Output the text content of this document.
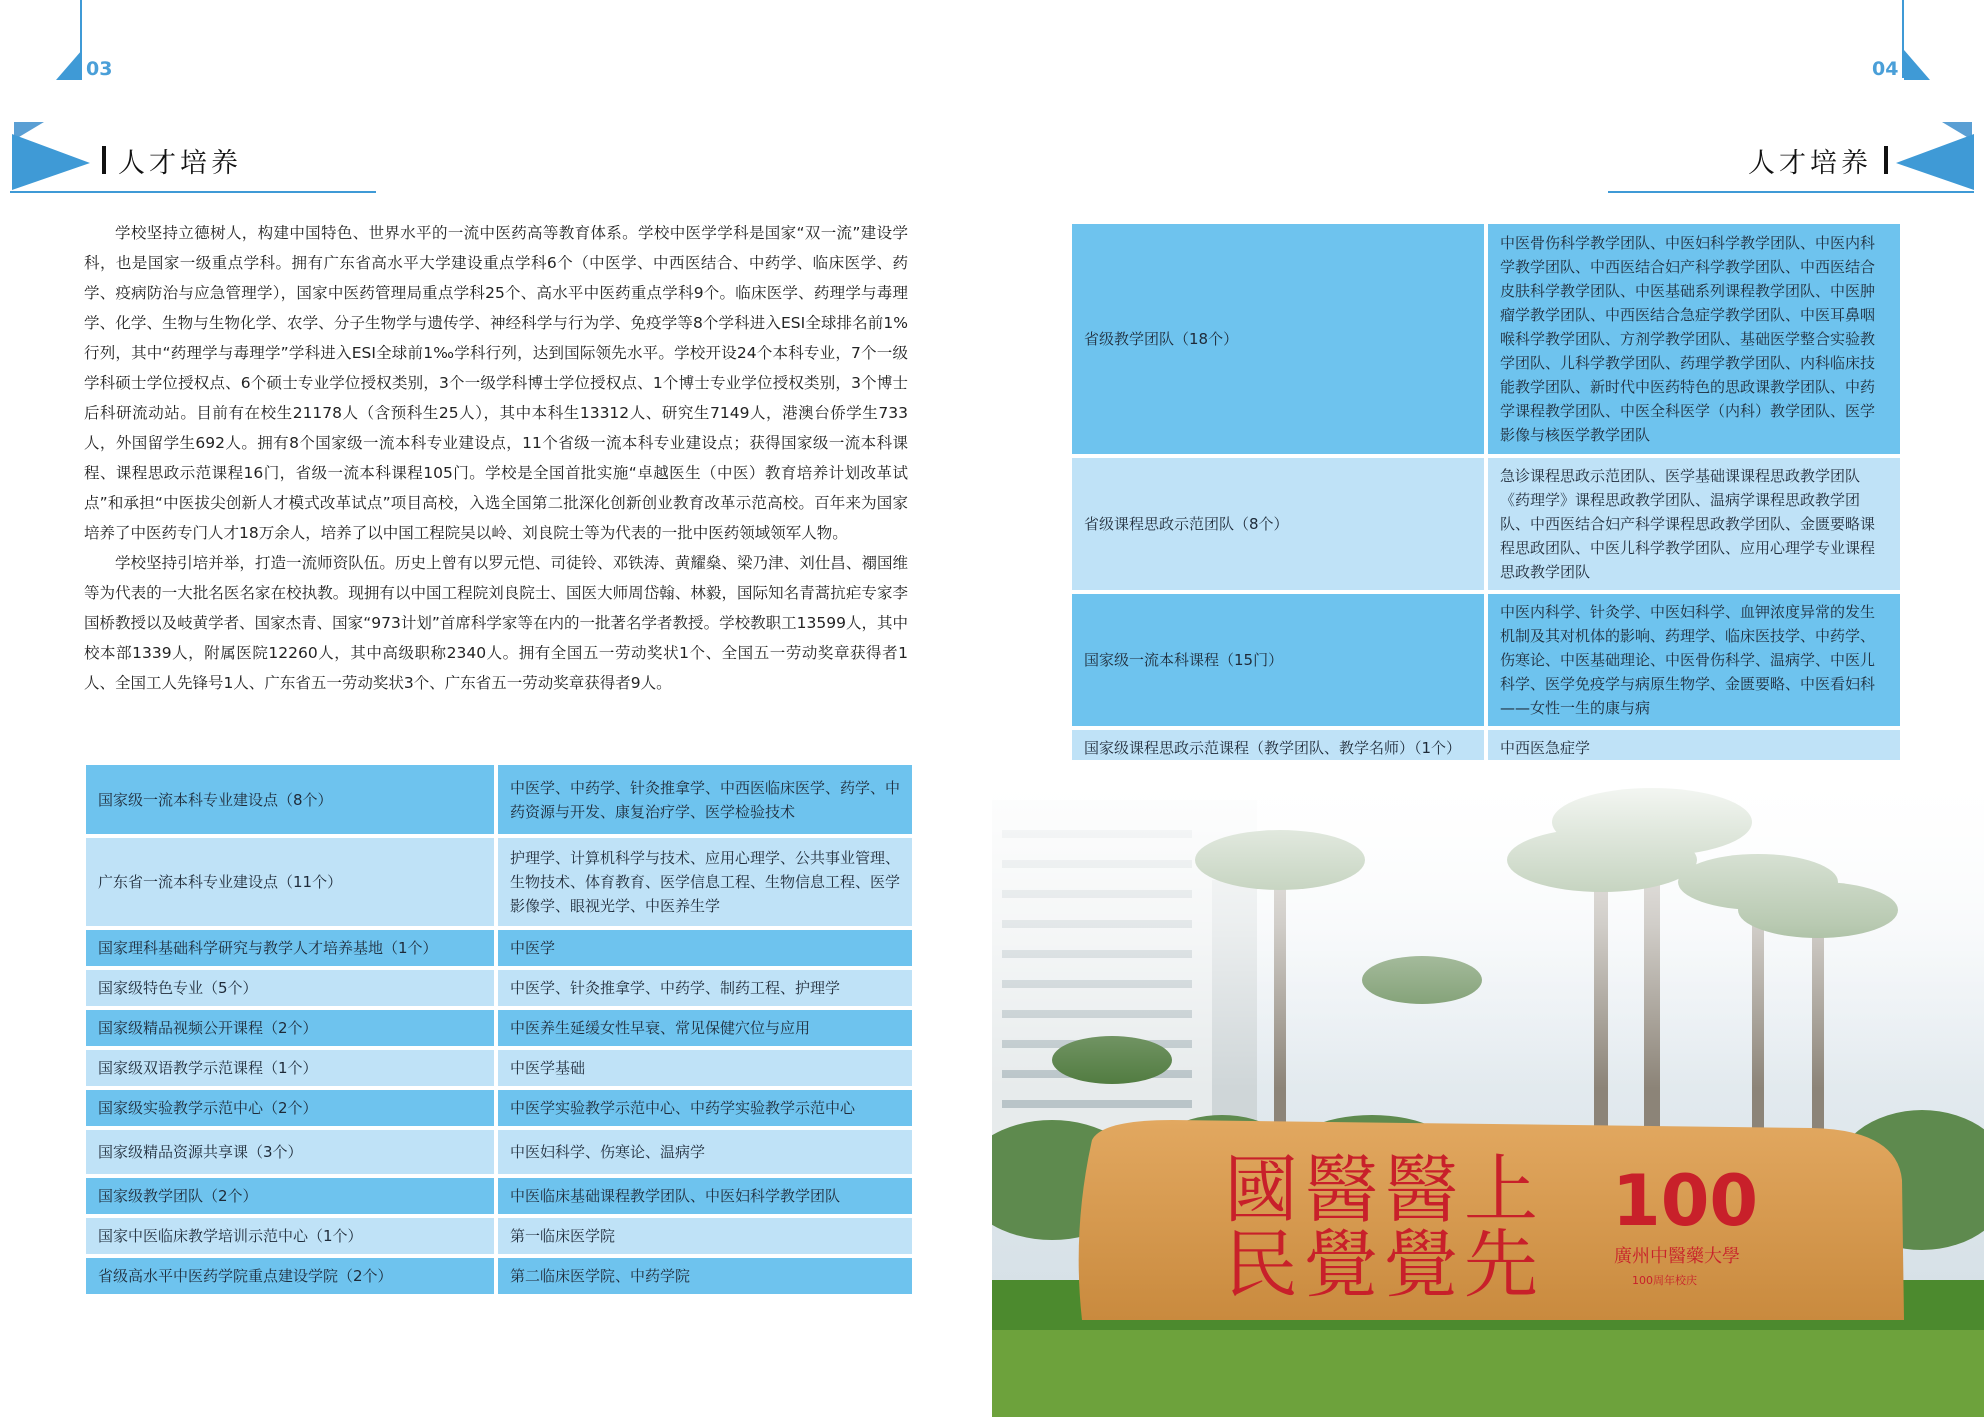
03
人才培养

学校坚持立德树人，构建中国特色、世界水平的一流中医药高等教育体系。学校中医学学科是国家“双一流”建设学科，也是国家一级重点学科。拥有广东省高水平大学建设重点学科6个（中医学、中西医结合、中药学、临床医学、药学、疫病防治与应急管理学），国家中医药管理局重点学科25个、高水平中医药重点学科9个。临床医学、药理学与毒理学、化学、生物与生物化学、农学、分子生物学与遗传学、神经科学与行为学、免疫学等8个学科进入ESI全球排名前1%行列，其中“药理学与毒理学”学科进入ESI全球前1‰学科行列，达到国际领先水平。学校开设24个本科专业，7个一级学科硕士学位授权点、6个硕士专业学位授权类别，3个一级学科博士学位授权点、1个博士专业学位授权类别，3个博士后科研流动站。目前有在校生21178人（含预科生25人），其中本科生13312人、研究生7149人，港澳台侨学生733人，外国留学生692人。拥有8个国家级一流本科专业建设点，11个省级一流本科专业建设点；获得国家级一流本科课程、课程思政示范课程16门，省级一流本科课程105门。学校是全国首批实施“卓越医生（中医）教育培养计划改革试点”和承担“中医拔尖创新人才模式改革试点”项目高校，入选全国第二批深化创新创业教育改革示范高校。百年来为国家培养了中医药专门人才18万余人，培养了以中国工程院吴以岭、刘良院士等为代表的一批中医药领域领军人物。

学校坚持引培并举，打造一流师资队伍。历史上曾有以罗元恺、司徒铃、邓铁涛、黄耀燊、梁乃津、刘仕昌、禤国维等为代表的一大批名医名家在校执教。现拥有以中国工程院刘良院士、国医大师周岱翰、林毅，国际知名青蒿抗疟专家李国桥教授以及岐黄学者、国家杰青、国家“973计划”首席科学家等在内的一批著名学者教授。学校教职工13599人，其中校本部1339人，附属医院12260人，其中高级职称2340人。拥有全国五一劳动奖状1个、全国五一劳动奖章获得者1人、全国工人先锋号1人、广东省五一劳动奖状3个、广东省五一劳动奖章获得者9人。

国家级一流本科专业建设点（8个）	中医学、中药学、针灸推拿学、中西医临床医学、药学、中药资源与开发、康复治疗学、医学检验技术
广东省一流本科专业建设点（11个）	护理学、计算机科学与技术、应用心理学、公共事业管理、生物技术、体育教育、医学信息工程、生物信息工程、医学影像学、眼视光学、中医养生学
国家理科基础科学研究与教学人才培养基地（1个）	中医学
国家级特色专业（5个）	中医学、针灸推拿学、中药学、制药工程、护理学
国家级精品视频公开课程（2个）	中医养生延缓女性早衰、常见保健穴位与应用
国家级双语教学示范课程（1个）	中医学基础
国家级实验教学示范中心（2个）	中医学实验教学示范中心、中药学实验教学示范中心
国家级精品资源共享课（3个）	中医妇科学、伤寒论、温病学
国家级教学团队（2个）	中医临床基础课程教学团队、中医妇科学教学团队
国家中医临床教学培训示范中心（1个）	第一临床医学院
省级高水平中医药学院重点建设学院（2个）	第二临床医学院、中药学院
04
人才培养
省级教学团队（18个）	中医骨伤科学教学团队、中医妇科学教学团队、中医内科学教学团队、中西医结合妇产科学教学团队、中西医结合皮肤科学教学团队、中医基础系列课程教学团队、中医肿瘤学教学团队、中西医结合急症学教学团队、中医耳鼻咽喉科学教学团队、方剂学教学团队、基础医学整合实验教学团队、儿科学教学团队、药理学教学团队、内科临床技能教学团队、新时代中医药特色的思政课教学团队、中药学课程教学团队、中医全科医学（内科）教学团队、医学影像与核医学教学团队
省级课程思政示范团队（8个）	急诊课程思政示范团队、医学基础课课程思政教学团队《药理学》课程思政教学团队、温病学课程思政教学团队、中西医结合妇产科学课程思政教学团队、金匮要略课程思政团队、中医儿科学教学团队、应用心理学专业课程思政教学团队
国家级一流本科课程（15门）	中医内科学、针灸学、中医妇科学、血钾浓度异常的发生机制及其对机体的影响、药理学、临床医技学、中药学、伤寒论、中医基础理论、中医骨伤科学、温病学、中医儿科学、医学免疫学与病原生物学、金匮要略、中医看妇科——女性一生的康与病
国家级课程思政示范课程（教学团队、教学名师）（1个）	中西医急症学
國醫醫上 民覺覺先
100
廣州中醫藥大學
100周年校庆
